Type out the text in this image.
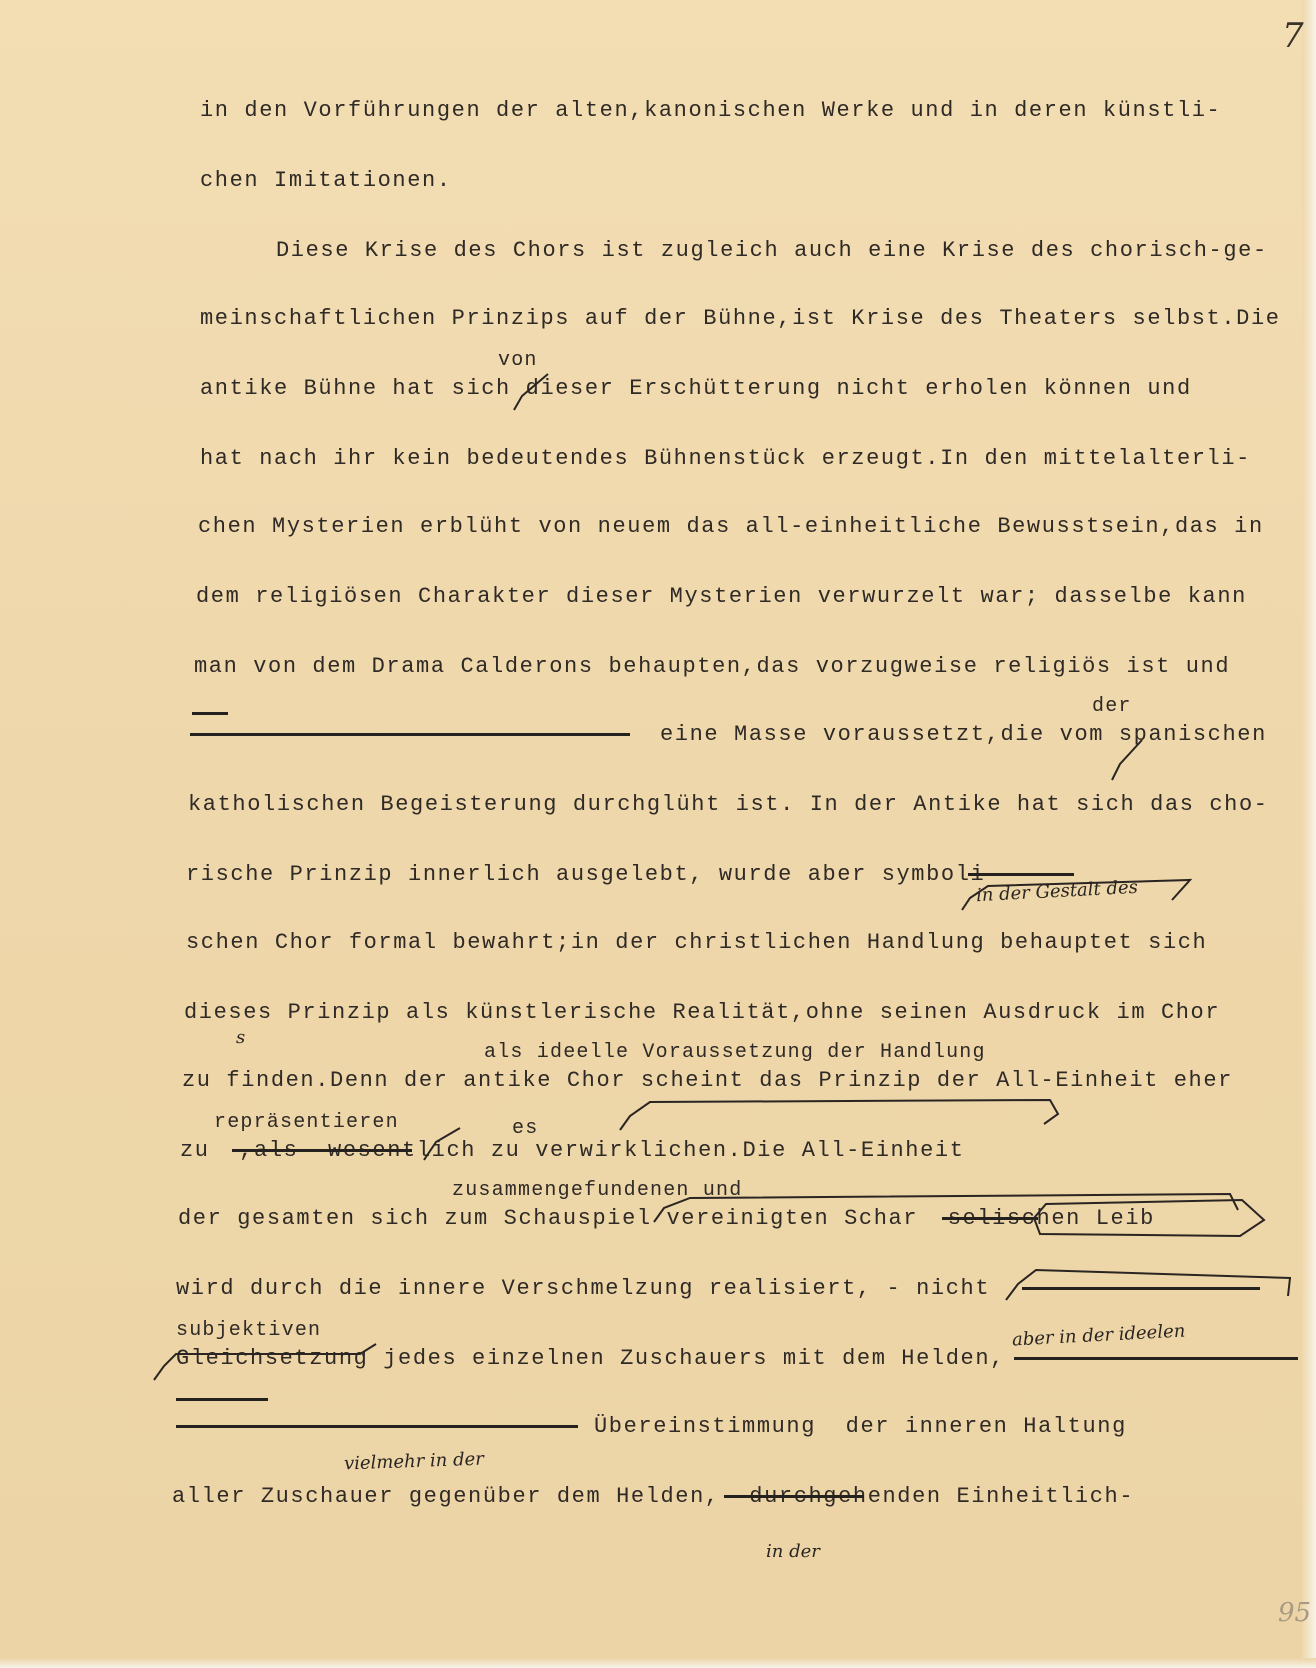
7
95

in den Vorführungen der alten,kanonischen Werke und in deren künstli-

chen Imitationen.

Diese Krise des Chors ist zugleich auch eine Krise des chorisch-ge-

meinschaftlichen Prinzips auf der Bühne,ist Krise des Theaters selbst.Die

antike Bühne hat sich dieser Erschütterung nicht erholen können und

hat nach ihr kein bedeutendes Bühnenstück erzeugt.In den mittelalterli-

chen Mysterien erblüht von neuem das all-einheitliche Bewusstsein,das in

dem religiösen Charakter dieser Mysterien verwurzelt war; dasselbe kann

man von dem Drama Calderons behaupten,das vorzugweise religiös ist und

eine Masse voraussetzt,die vom spanischen

katholischen Begeisterung durchglüht ist. In der Antike hat sich das cho-

rische Prinzip innerlich ausgelebt, wurde aber symboli-

schen Chor formal bewahrt;in der christlichen Handlung behauptet sich

dieses Prinzip als künstlerische Realität,ohne seinen Ausdruck im Chor

zu finden.Denn der antike Chor scheint das Prinzip der All-Einheit eher

zu  ,als  wesentlich zu verwirklichen.Die All-Einheit

der gesamten sich zum Schauspiel vereinigten Schar  selischen Leib

wird durch die innere Verschmelzung realisiert, - nicht

Gleichsetzung jedes einzelnen Zuschauers mit dem Helden,

Übereinstimmung  der inneren Haltung

aller Zuschauer gegenüber dem Helden,  durchgehenden Einheitlich-

von

der

als ideelle Voraussetzung der Handlung

repräsentieren	es

zusammengefundenen und

subjektiven

in der Gestalt des

aber in der ideelen

vielmehr in der

in der

s
